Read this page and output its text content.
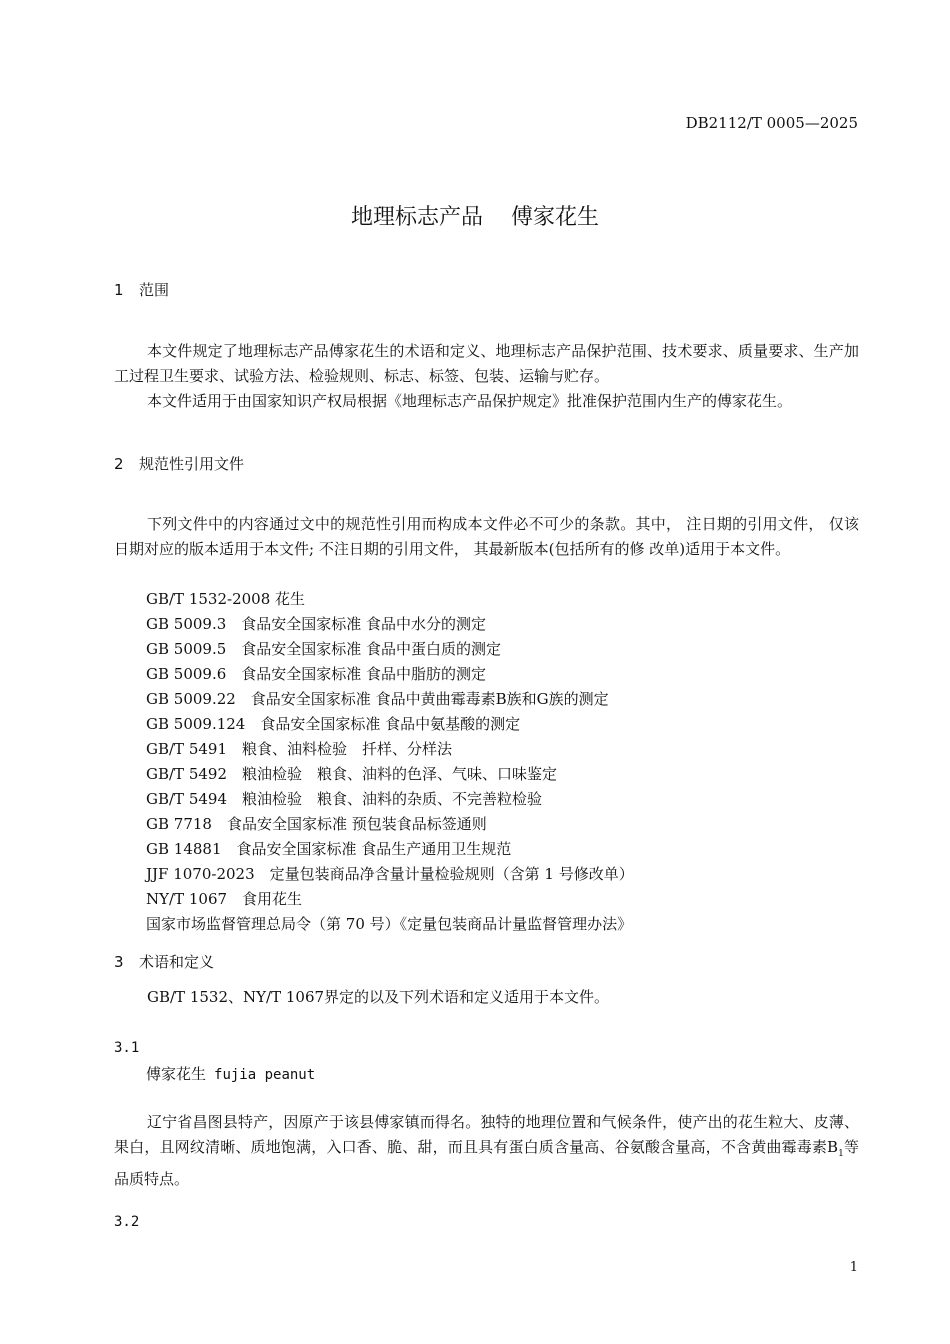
DB2112/T 0005—2025
地理标志产品 傅家花生
1 范围

本文件规定了地理标志产品傅家花生的术语和定义、地理标志产品保护范围、技术要求、质量要求、生产加工过程卫生要求、试验方法、检验规则、标志、标签、包装、运输与贮存。

本文件适用于由国家知识产权局根据《地理标志产品保护规定》批准保护范围内生产的傅家花生。

2 规范性引用文件

下列文件中的内容通过文中的规范性引用而构成本文件必不可少的条款。其中， 注日期的引用文件， 仅该日期对应的版本适用于本文件; 不注日期的引用文件， 其最新版本(包括所有的修 改单)适用于本文件。

GB/T 1532-2008 花生
GB 5009.3　食品安全国家标准 食品中水分的测定
GB 5009.5　食品安全国家标准 食品中蛋白质的测定
GB 5009.6　食品安全国家标准 食品中脂肪的测定
GB 5009.22　食品安全国家标准 食品中黄曲霉毒素B族和G族的测定
GB 5009.124　食品安全国家标准 食品中氨基酸的测定
GB/T 5491　粮食、油料检验　扦样、分样法
GB/T 5492　粮油检验　粮食、油料的色泽、气味、口味鉴定
GB/T 5494　粮油检验　粮食、油料的杂质、不完善粒检验
GB 7718　食品安全国家标准 预包装食品标签通则
GB 14881　食品安全国家标准 食品生产通用卫生规范
JJF 1070-2023　定量包装商品净含量计量检验规则（含第 1 号修改单）
NY/T 1067　食用花生
国家市场监督管理总局令（第 70 号）《定量包装商品计量监督管理办法》
3 术语和定义

GB/T 1532、NY/T 1067界定的以及下列术语和定义适用于本文件。

3.1
傅家花生 fujia peanut

辽宁省昌图县特产，因原产于该县傅家镇而得名。独特的地理位置和气候条件，使产出的花生粒大、皮薄、果白，且网纹清晰、质地饱满，入口香、脆、甜，而且具有蛋白质含量高、谷氨酸含量高，不含黄曲霉毒素$B_1$等品质特点。

3.2
1
